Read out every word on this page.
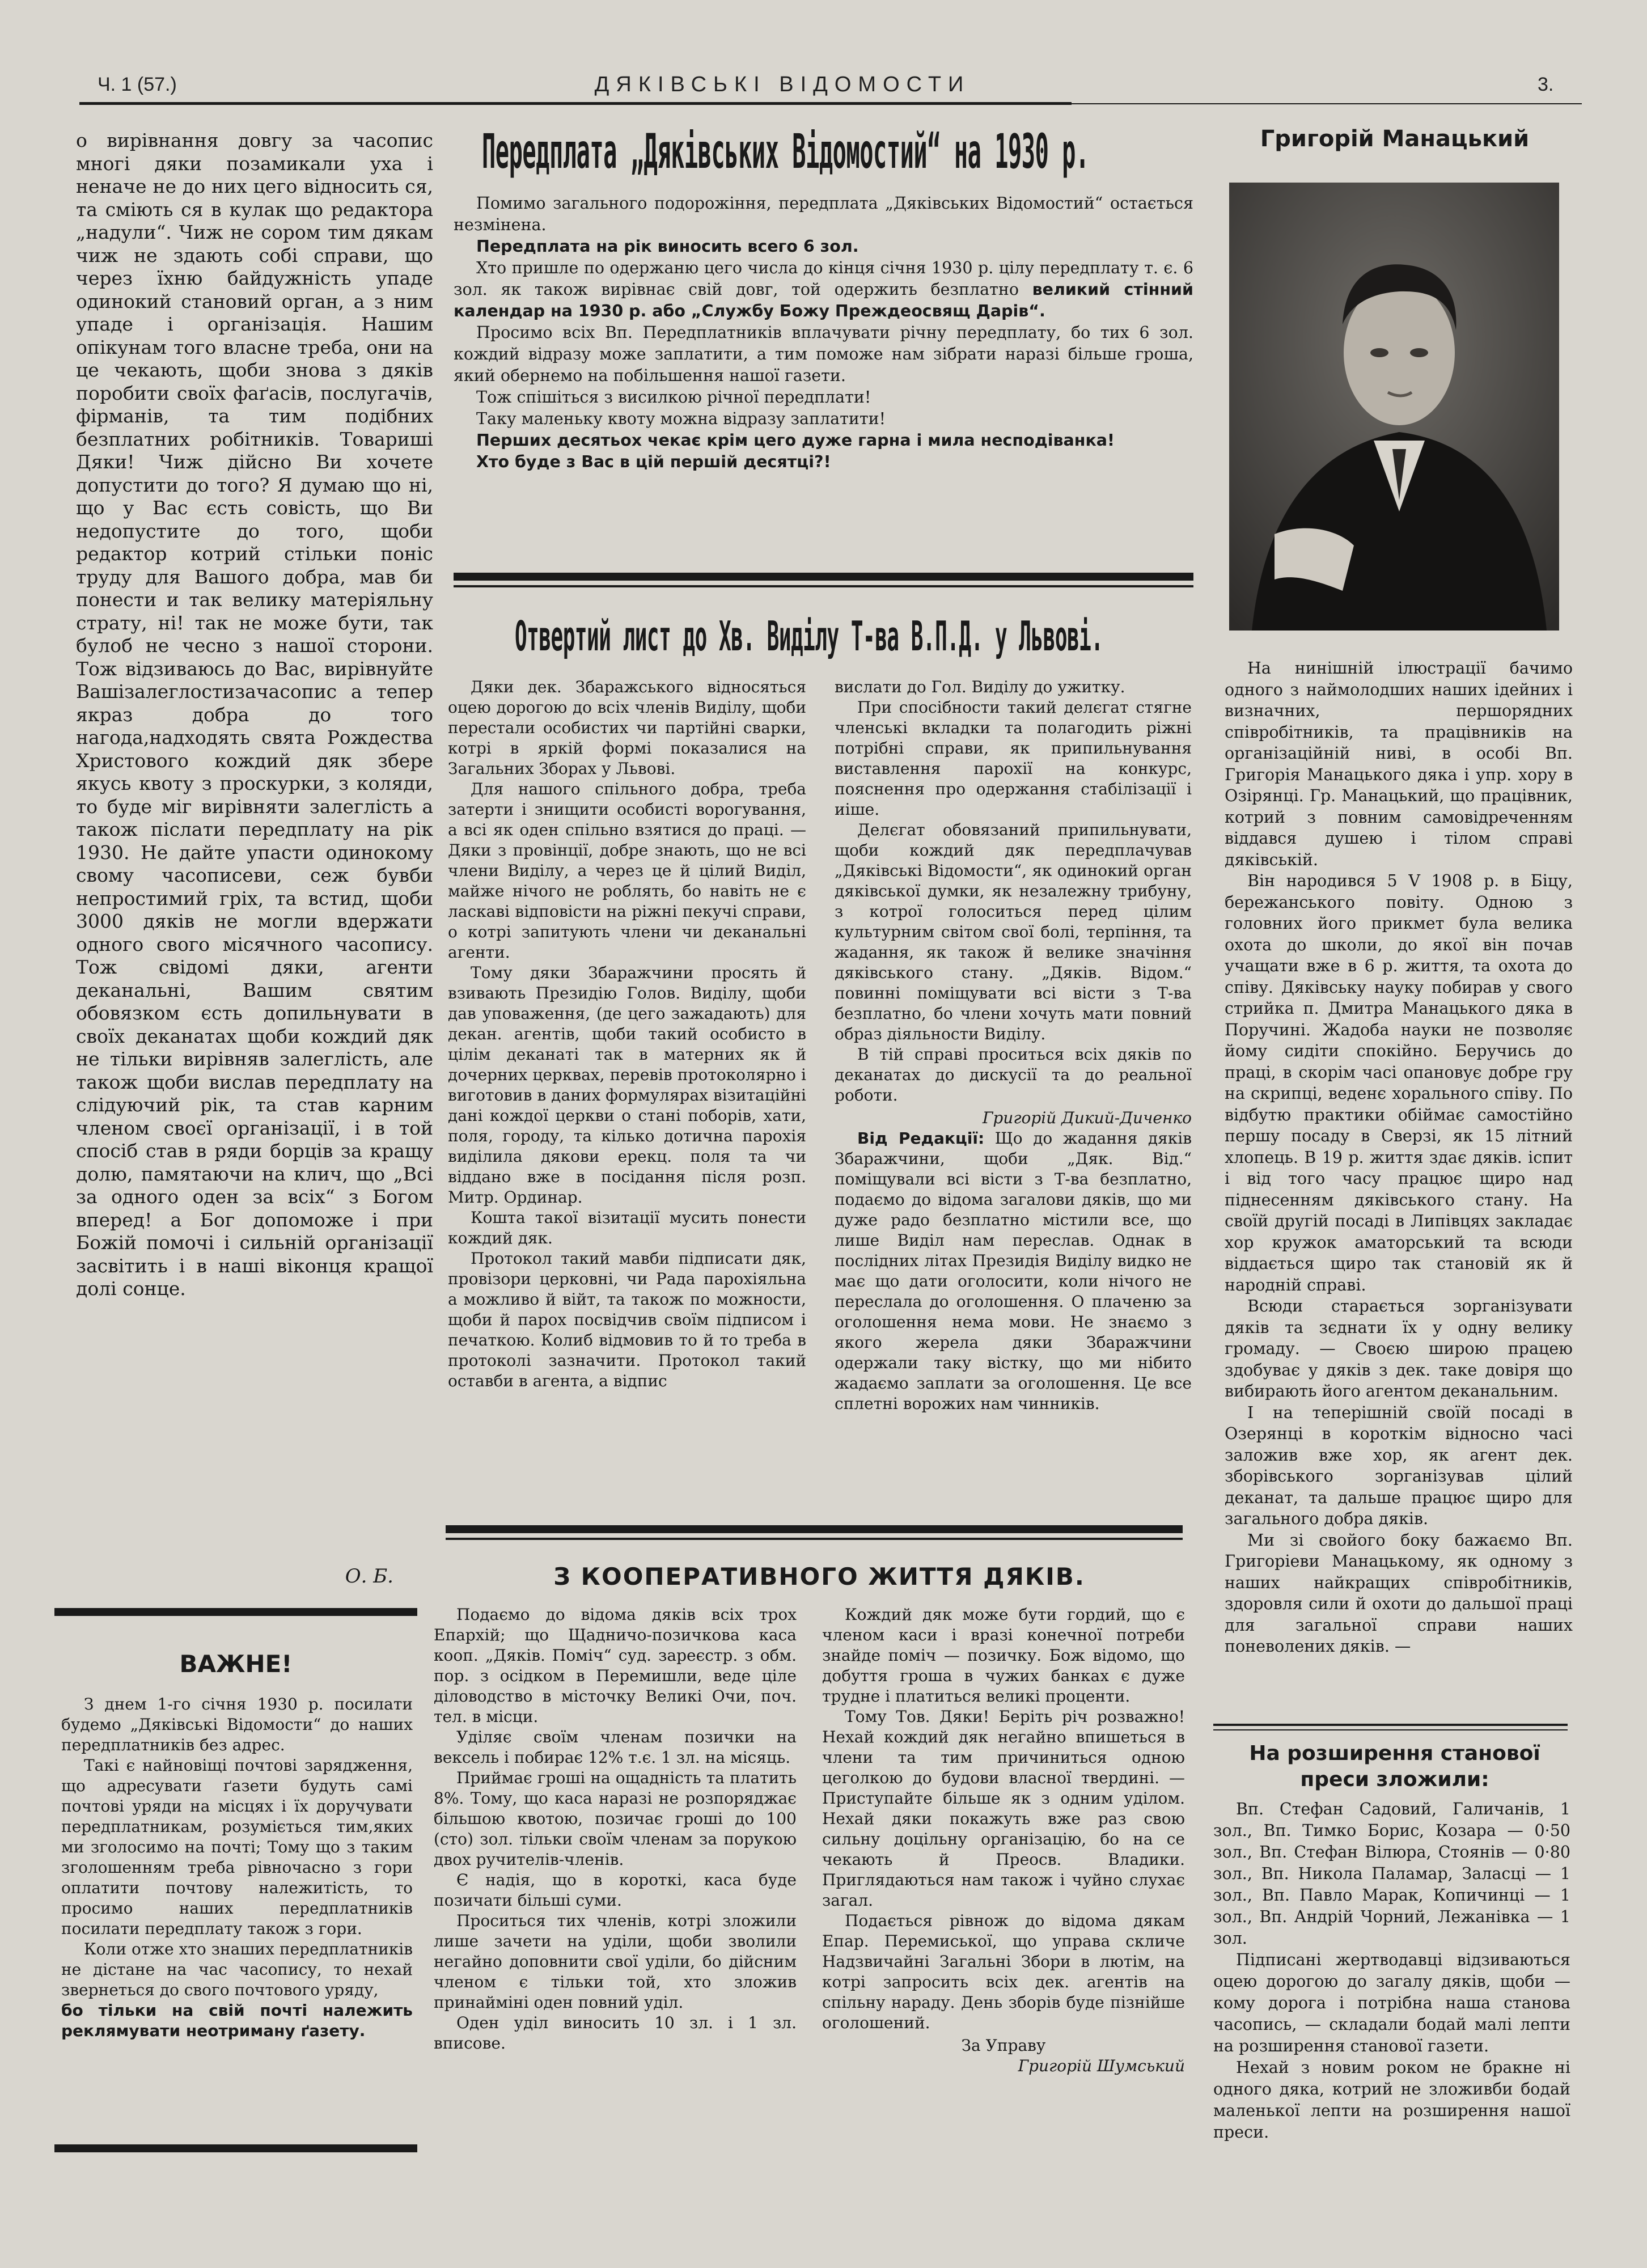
Ч. 1 (57.)	ДЯКІВСЬКІ ВІДОМОСТИ	3.

о вирівнання довгу за часопис многі дяки позамикали уха і неначе не до них цего відносить ся, та сміють ся в кулак що редактора „надули“. Чиж не сором тим дякам чиж не здають собі справи, що через їхню байдужність упаде одинокий становий орган, а з ним упаде і організація. Нашим опікунам того власне треба, они на це чекають, щоби знова з дяків поробити своїх фаґасів, послугачів, фірманів, та тим подібних безплатних робітників. Товариші Дяки! Чиж дійсно Ви хочете допустити до того? Я думаю що ні, що у Вас єсть совість, що Ви недопустите до того, щоби редактор котрий стільки поніс труду для Вашого добра, мав би понести и так велику матеріяльну страту, ні! так не може бути, так булоб не чесно з нашої сторони. Тож відзиваюсь до Вас, вирівнуйте Вашізалеглостизачасопис а тепер якраз добра до того нагода,надходять свята Рождества Христового кождий дяк збере якусь квоту з проскурки, з коляди, то буде міг вирівняти залеглість а також післати передплату на рік 1930. Не дайте упасти одинокому свому часописеви, сеж бувби непростимий гріх, та встид, щоби 3000 дяків не могли вдержати одного свого місячного часопису. Тож свідомі дяки, агенти деканальні, Вашим святим обовязком єсть допильнувати в своїх деканатах щоби кождий дяк не тільки вирівняв залеглість, але також щоби вислав передплату на слідуючий рік, та став карним членом своєї організації, і в той спосіб став в ряди борців за кращу долю, памятаючи на клич, що „Всі за одного оден за всіх“ з Богом вперед! а Бог допоможе і при Божій помочі і сильній організації засвітить і в наші віконця кращої долі сонце.

О. Б.
ВАЖНЕ!

З днем 1-го січня 1930 р. посилати будемо „Дяківські Відомости“ до наших передплатників без адрес.

Такі є найновіщі почтові зарядження, що адресувати ґазети будуть самі почтові уряди на місцях і їх доручувати передплатникам, розуміється тим,яких ми зголосимо на почті; Тому що з таким зголошенням треба рівночасно з гори оплатити почтову належитість, то просимо наших передплатників посилати передплату також з гори.

Коли отже хто знаших передплатників не дістане на час часопису, то нехай звернеться до свого почтового уряду,

бо тільки на свій почті належить реклямувати неотриману ґазету.

Передплата „Дяківських Відомостий“ на 1930 р.

Помимо загального подорожіння, передплата „Дяківських Відомостий“ остається незмінена.

Передплата на рік виносить всего 6 зол.

Хто пришле по одержаню цего числа до кінця січня 1930 р. цілу передплату т. є. 6 зол. як також вирівнає свій довг, той одержить безплатно великий стінний календар на 1930 р. або „Службу Божу Преждеосвящ Дарів“.

Просимо всіх Вп. Передплатників вплачувати річну передплату, бо тих 6 зол. кождий відразу може заплатити, а тим поможе нам зібрати наразі більше гроша, який обернемо на побільшення нашої газети.

Тож спішіться з висилкою річної передплати!

Таку маленьку квоту можна відразу заплатити!

Перших десятьох чекає крім цего дуже гарна і мила несподіванка!

Хто буде з Вас в цій першій десятці?!

Отвертий лист до Хв. Виділу Т-ва В.П.Д. у Львові.

Дяки дек. Збаражського відносяться оцею дорогою до всіх членів Виділу, щоби перестали особистих чи партійні сварки, котрі в яркій формі показалися на Загальних Зборах у Львові.

Для нашого спільного добра, треба затерти і знищити особисті ворогування, а всі як оден спільно взятися до праці. — Дяки з провінції, добре знають, що не всі члени Виділу, а через це й цілий Виділ, майже нічого не роблять, бо навіть не є ласкаві відповісти на ріжні пекучі справи, о котрі запитують члени чи деканальні агенти.

Тому дяки Збаражчини просять й взивають Президію Голов. Виділу, щоби дав уповаження, (де цего зажадають) для декан. агентів, щоби такий особисто в цілім деканаті так в матерних як й дочерних церквах, перевів протоколярно і виготовив в даних формулярах візитаційні дані кождої церкви о стані поборів, хати, поля, городу, та кілько дотична парохія виділила дякови ерекц. поля та чи віддано вже в посідання після розп. Митр. Ординар.

Кошта такої візитації мусить понести кождий дяк.

Протокол такий мавби підписати дяк, провізори церковні, чи Рада парохіяльна а можливо й війт, та також по можности, щоби й парох посвідчив своїм підписом і печаткою. Колиб відмовив то й то треба в протоколі зазначити. Протокол такий оставби в агента, а відпис

вислати до Гол. Виділу до ужитку.

При спосібности такий делєгат стягне членські вкладки та полагодить ріжні потрібні справи, як припильнування виставлення парохії на конкурс, пояснення про одержання стабілізації і иіше.

Делєгат обовязаний припильнувати, щоби кождий дяк передплачував „Дяківські Відомости“, як одинокий орган дяківської думки, як незалежну трибуну, з котрої голоситься перед цілим культурним світом свої болі, терпіння, та жадання, як також й велике значіння дяківського стану. „Дяків. Відом.“ повинні поміщувати всі вісти з Т-ва безплатно, бо члени хочуть мати повний образ діяльности Виділу.

В тій справі проситься всіх дяків по деканатах до дискусії та до реальної роботи.

Григорій Дикий-Диченко

Від Редакції: Що до жадання дяків Збаражчини, щоби „Дяк. Від.“ поміщували всі вісти з Т-ва безплатно, подаємо до відома загалови дяків, що ми дуже радо безплатно містили все, що лише Виділ нам переслав. Однак в послідних літах Президія Виділу видко не має що дати оголосити, коли нічого не переслала до оголошення. О плаченю за оголошення нема мови. Не знаємо з якого жерела дяки Збаражчини одержали таку вістку, що ми нібито жадаємо заплати за оголошення. Це все сплетні ворожих нам чинників.

З КООПЕРАТИВНОГО ЖИТТЯ ДЯКІВ.

Подаємо до відома дяків всіх трох Епархій; що Щадничо-позичкова каса кооп. „Дяків. Поміч“ суд. зареєстр. з обм. пор. з осідком в Перемишли, веде ціле діловодство в місточку Великі Очи, поч. тел. в місци.

Уділяє своїм членам позички на вексель і побирає 12% т.є. 1 зл. на місяць.

Приймає гроші на ощадність та платить 8%. Тому, що каса наразі не розпоряджає більшою квотою, позичає гроші до 100 (сто) зол. тільки своїм членам за порукою двох ручителів-членів.

Є надія, що в короткі, каса буде позичати більші суми.

Проситься тих членів, котрі зложили лише зачети на уділи, щоби зволили негайно доповнити свої уділи, бо дійсним членом є тільки той, хто зложив принайміні оден повний уділ.

Оден уділ виносить 10 зл. і 1 зл. вписове.

Кождий дяк може бути гордий, що є членом каси і вразі конечної потреби знайде поміч — позичку. Бож відомо, що добуття гроша в чужих банках є дуже трудне і платиться великі проценти.

Тому Тов. Дяки! Беріть річ розважно! Нехай кождий дяк негайно впишеться в члени та тим причиниться одною цеголкою до будови власної твердині. — Приступайте більше як з одним уділом. Нехай дяки покажуть вже раз свою сильну доцільну організацію, бо на се чекають й Преосв. Владики. Приглядаються нам також і чуйно слухає загал.

Подається рівнож до відома дякам Епар. Перемиської, що управа скличе Надзвичайні Загальні Збори в лютім, на котрі запросить всіх дек. агентів на спільну нараду. День зборів буде пізнійше оголошений.

За Управу

Григорій Шумський

Григорій Манацький

На нинішній ілюстрації бачимо одного з наймолодших наших ідейних і визначних, першорядних співробітників, та працівників на організаційній ниві, в особі Вп. Григорія Манацького дяка і упр. хору в Озірянці. Гр. Манацький, що працівник, котрий з повним самовідреченням віддався душею і тілом справі дяківській.

Він народився 5 V 1908 р. в Біцу, бережанського повіту. Одною з головних його прикмет була велика охота до школи, до якої він почав учащати вже в 6 р. життя, та охота до співу. Дяківську науку побирав у свого стрийка п. Дмитра Манацького дяка в Поручині. Жадоба науки не позволяє йому сидіти спокійно. Беручись до праці, в скорім часі опановує добре гру на скрипці, веденє хорального співу. По відбутю практики обіймає самостійно першу посаду в Сверзі, як 15 літний хлопець. В 19 р. життя здає дяків. іспит і від того часу працює щиро над піднесенням дяківського стану. На своїй другій посаді в Липівцях закладає хор кружок аматорський та всюди віддається щиро так становій як й народній справі.

Всюди старається зорганізувати дяків та зєднати їх у одну велику громаду. — Своєю широю працею здобуває у дяків з дек. таке довіря що вибирають його агентом деканальним.

І на теперішній своїй посаді в Озерянці в короткім відносно часі заложив вже хор, як агент дек. зборівського зорганізував цілий деканат, та дальше працює щиро для загального добра дяків.

Ми зі свойого боку бажаємо Вп. Григоріеви Манацькому, як одному з наших найкращих співробітників, здоровля сили й охоти до дальшої праці для загальної справи наших поневолених дяків. —

На розширення станової преси зложили:

Вп. Стефан Садовий, Галичанів, 1 зол., Вп. Тимко Борис, Козара — 0·50 зол., Вп. Стефан Вілюра, Стоянів — 0·80 зол., Вп. Никола Паламар, Заласці — 1 зол., Вп. Павло Марак, Копичинці — 1 зол., Вп. Андрій Чорний, Лежанівка — 1 зол.

Підписані жертводавці відзиваються оцею дорогою до загалу дяків, щоби — кому дорога і потрібна наша станова часопись, — складали бодай малі лепти на розширення станової газети.

Нехай з новим роком не бракне ні одного дяка, котрий не зложивби бодай маленької лепти на розширення нашої преси.
